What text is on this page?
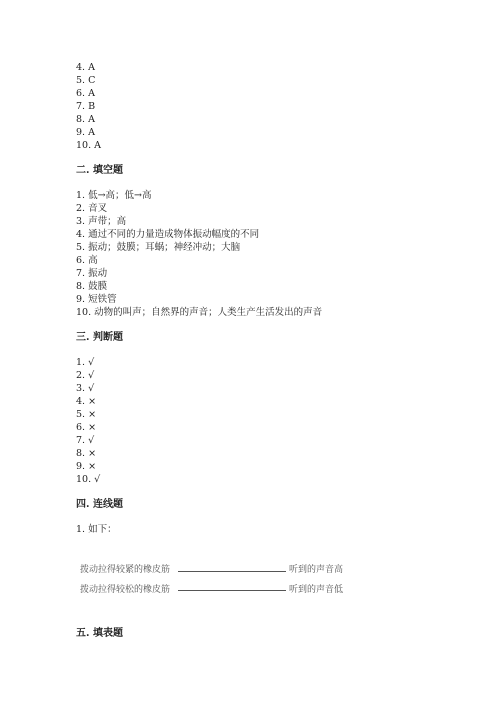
4. A
5. C
6. A
7. B
8. A
9. A
10. A
二. 填空题
1. 低→高；低→高
2. 音叉
3. 声带；高
4. 通过不同的力量造成物体振动幅度的不同
5. 振动；鼓膜；耳蜗；神经冲动；大脑
6. 高
7. 振动
8. 鼓膜
9. 短铁管
10. 动物的叫声；自然界的声音；人类生产生活发出的声音
三. 判断题
1. √
2. √
3. √
4. ×
5. ×
6. ×
7. √
8. ×
9. ×
10. √
四. 连线题
1. 如下：
拨动拉得较紧的橡皮筋	听到的声音高
拨动拉得较松的橡皮筋	听到的声音低
五. 填表题
